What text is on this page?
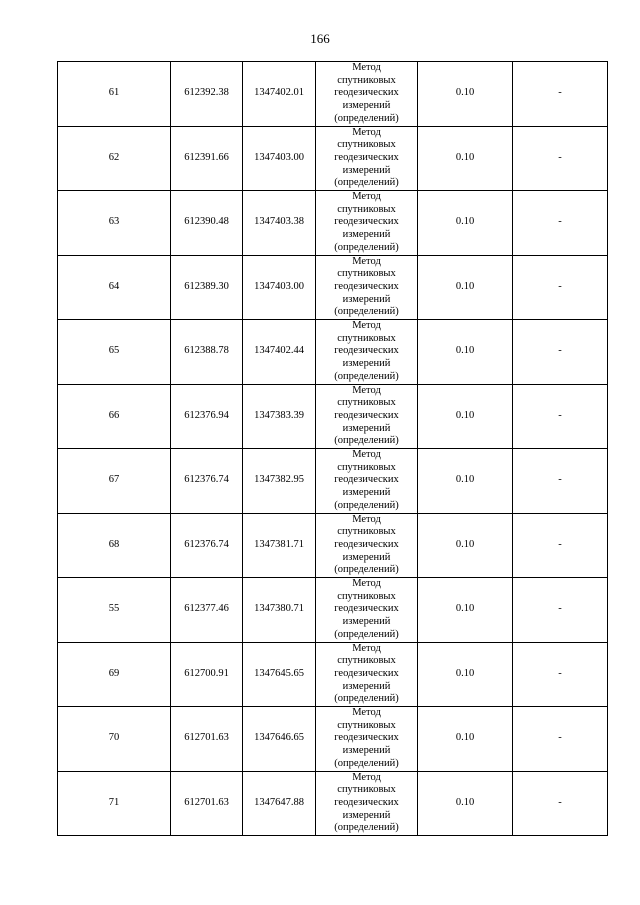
166
61	612392.38	1347402.01	Метод
спутниковых
геодезических
измерений
(определений)	0.10	-
62	612391.66	1347403.00	Метод
спутниковых
геодезических
измерений
(определений)	0.10	-
63	612390.48	1347403.38	Метод
спутниковых
геодезических
измерений
(определений)	0.10	-
64	612389.30	1347403.00	Метод
спутниковых
геодезических
измерений
(определений)	0.10	-
65	612388.78	1347402.44	Метод
спутниковых
геодезических
измерений
(определений)	0.10	-
66	612376.94	1347383.39	Метод
спутниковых
геодезических
измерений
(определений)	0.10	-
67	612376.74	1347382.95	Метод
спутниковых
геодезических
измерений
(определений)	0.10	-
68	612376.74	1347381.71	Метод
спутниковых
геодезических
измерений
(определений)	0.10	-
55	612377.46	1347380.71	Метод
спутниковых
геодезических
измерений
(определений)	0.10	-
69	612700.91	1347645.65	Метод
спутниковых
геодезических
измерений
(определений)	0.10	-
70	612701.63	1347646.65	Метод
спутниковых
геодезических
измерений
(определений)	0.10	-
71	612701.63	1347647.88	Метод
спутниковых
геодезических
измерений
(определений)	0.10	-
